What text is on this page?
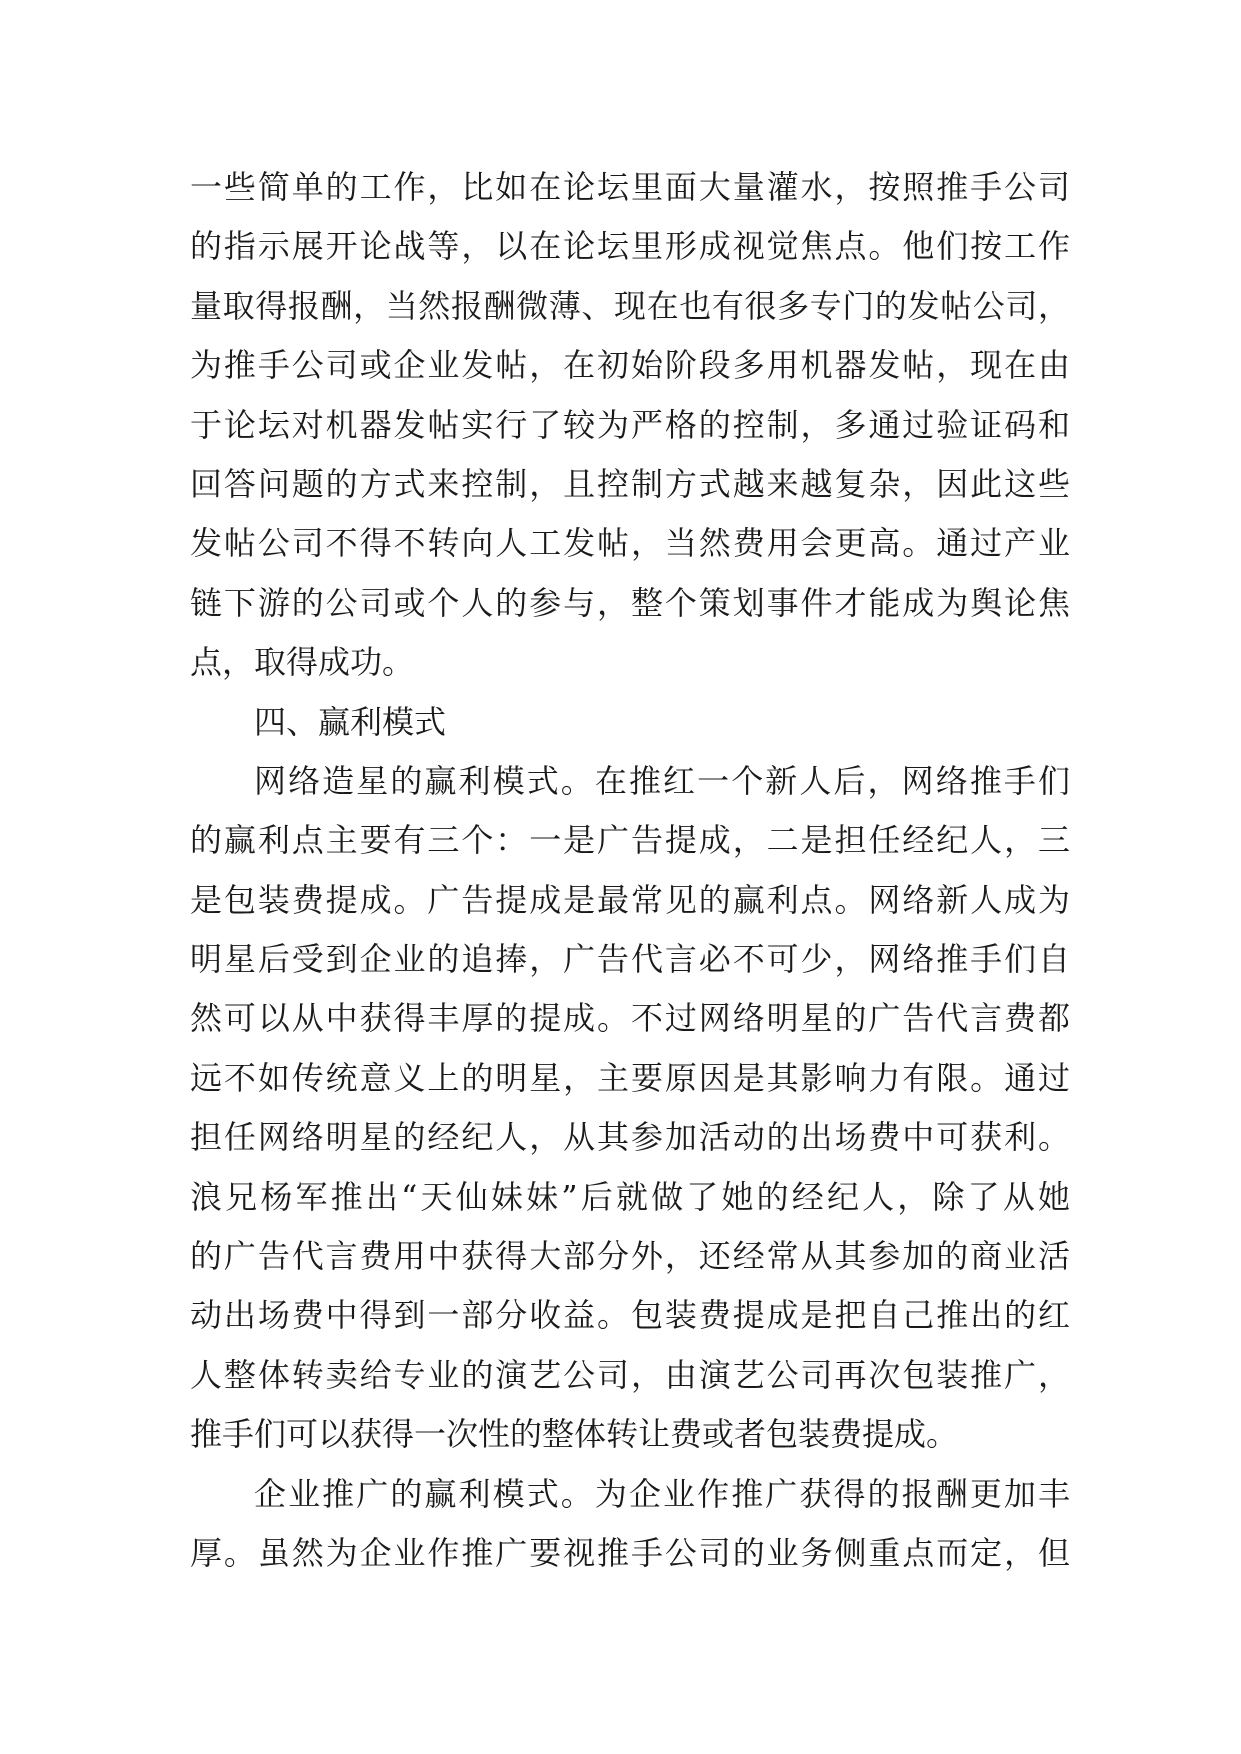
一些简单的工作，比如在论坛里面大量灌水，按照推手公司
的指示展开论战等，以在论坛里形成视觉焦点。他们按工作
量取得报酬，当然报酬微薄、现在也有很多专门的发帖公司，
为推手公司或企业发帖，在初始阶段多用机器发帖，现在由
于论坛对机器发帖实行了较为严格的控制，多通过验证码和
回答问题的方式来控制，且控制方式越来越复杂，因此这些
发帖公司不得不转向人工发帖，当然费用会更高。通过产业
链下游的公司或个人的参与，整个策划事件才能成为舆论焦
点，取得成功。
四、赢利模式
网络造星的赢利模式。在推红一个新人后，网络推手们
的赢利点主要有三个：一是广告提成，二是担任经纪人，三
是包装费提成。广告提成是最常见的赢利点。网络新人成为
明星后受到企业的追捧，广告代言必不可少，网络推手们自
然可以从中获得丰厚的提成。不过网络明星的广告代言费都
远不如传统意义上的明星，主要原因是其影响力有限。通过
担任网络明星的经纪人，从其参加活动的出场费中可获利。
浪兄杨军推出“天仙妹妹”后就做了她的经纪人，除了从她
的广告代言费用中获得大部分外，还经常从其参加的商业活
动出场费中得到一部分收益。包装费提成是把自己推出的红
人整体转卖给专业的演艺公司，由演艺公司再次包装推广，
推手们可以获得一次性的整体转让费或者包装费提成。
企业推广的赢利模式。为企业作推广获得的报酬更加丰
厚。虽然为企业作推广要视推手公司的业务侧重点而定，但
